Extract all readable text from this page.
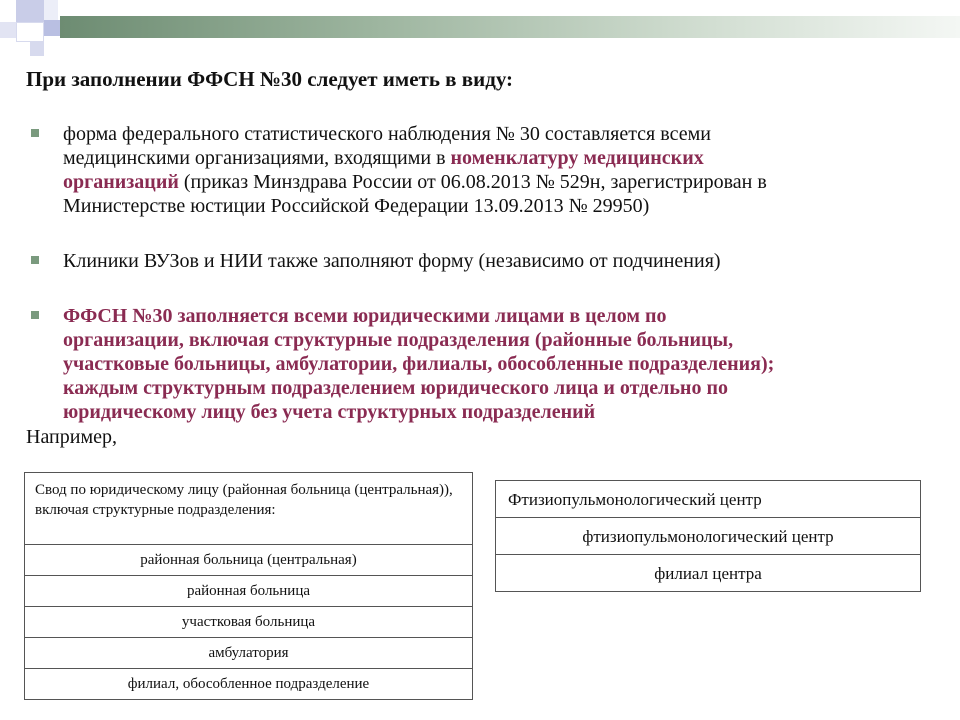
При заполнении ФФСН №30 следует иметь в виду:
форма федерального статистического наблюдения № 30 составляется всеми
медицинскими организациями, входящими в номенклатуру медицинских
организаций (приказ Минздрава России от 06.08.2013 № 529н, зарегистрирован в
Министерстве юстиции Российской Федерации 13.09.2013 № 29950)
Клиники ВУЗов и НИИ также заполняют форму (независимо от подчинения)
ФФСН №30 заполняется всеми юридическими лицами в целом по
организации, включая структурные подразделения (районные больницы,
участковые больницы, амбулатории, филиалы, обособленные подразделения);
каждым структурным подразделением юридического лица и отдельно по
юридическому лицу без учета структурных подразделений
Например,
Свод по юридическому лицу (районная больница (центральная)), включая структурные подразделения:
районная больница (центральная)
районная больница
участковая больница
амбулатория
филиал, обособленное подразделение
Фтизиопульмонологический центр
фтизиопульмонологический центр
филиал центра
